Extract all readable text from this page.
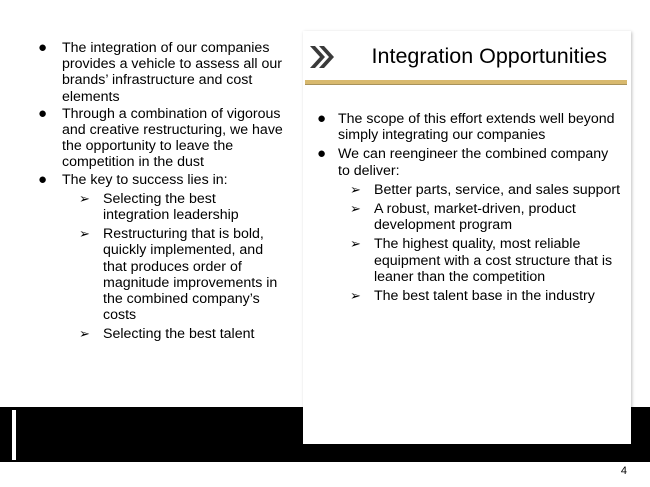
● The integration of our companies provides a vehicle to assess all our brands’ infrastructure and cost elements
● Through a combination of vigorous and creative restructuring, we have the opportunity to leave the competition in the dust
● The key to success lies in:
➢ Selecting the best integration leadership
➢ Restructuring that is bold, quickly implemented, and that produces order of magnitude improvements in the combined company’s costs
➢ Selecting the best talent
Integration Opportunities
● The scope of this effort extends well beyond simply integrating our companies
● We can reengineer the combined company to deliver:
➢ Better parts, service, and sales support
➢ A robust, market-driven, product development program
➢ The highest quality, most reliable equipment with a cost structure that is leaner than the competition
➢ The best talent base in the industry
4
